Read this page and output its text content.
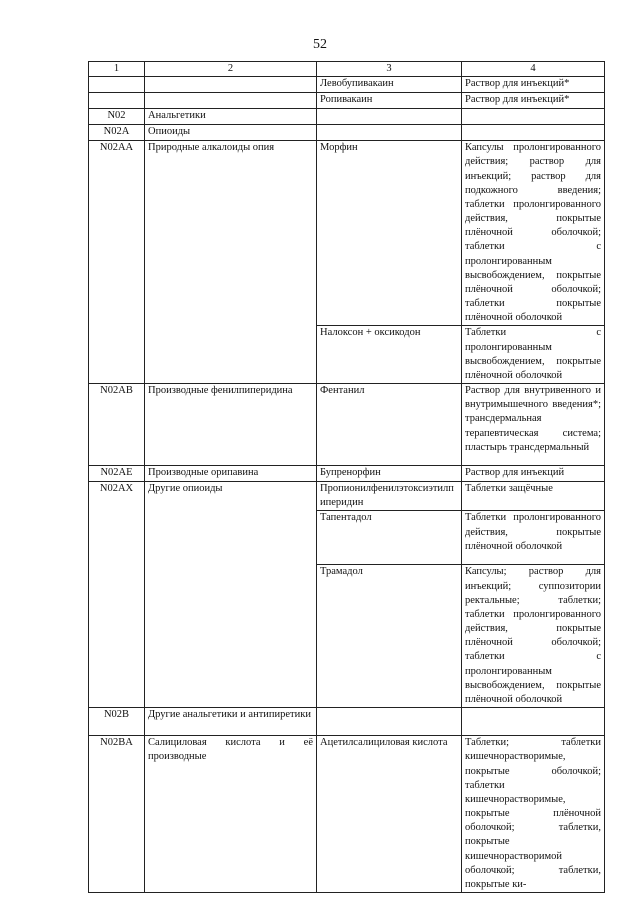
52
1	2	3	4
		Левобупивакаин	Раствор для инъекций*
		Ропивакаин	Раствор для инъекций*
N02	Анальгетики		
N02A	Опиоиды		
N02AA	Природные алкалоиды опия	Морфин	Капсулы пролонгированного действия; раствор для инъекций; раствор для подкожного введения; таблетки пролонгированного действия, покрытые плёночной оболочкой; таблетки с пролонгированным высвобождением, покрытые плёночной оболочкой; таблетки покрытые плёночной оболочкой
		Налоксон + оксикодон	Таблетки с пролонгированным высвобождением, покрытые плёночной оболочкой
N02AB	Производные фенилпиперидина	Фентанил	Раствор для внутривенного и внутримышечного введения*; трансдермальная терапевтическая система; пластырь трансдермальный
N02AE	Производные орипавина	Бупренорфин	Раствор для инъекций
N02AX	Другие опиоиды	Пропионилфенилэтоксиэтилпиперидин	Таблетки защёчные
		Тапентадол	Таблетки пролонгированного действия, покрытые плёночной оболочкой
		Трамадол	Капсулы; раствор для инъекций; суппозитории ректальные; таблетки; таблетки пролонгированного действия, покрытые плёночной оболочкой; таблетки с пролонгированным высвобождением, покрытые плёночной оболочкой
N02B	Другие анальгетики и антипиретики		
N02BA	Салициловая кислота и её производные	Ацетилсалициловая кислота	Таблетки; таблетки кишечнорастворимые, покрытые оболочкой; таблетки кишечнорастворимые, покрытые плёночной оболочкой; таблетки, покрытые кишечнорастворимой оболочкой; таблетки, покрытые ки-
